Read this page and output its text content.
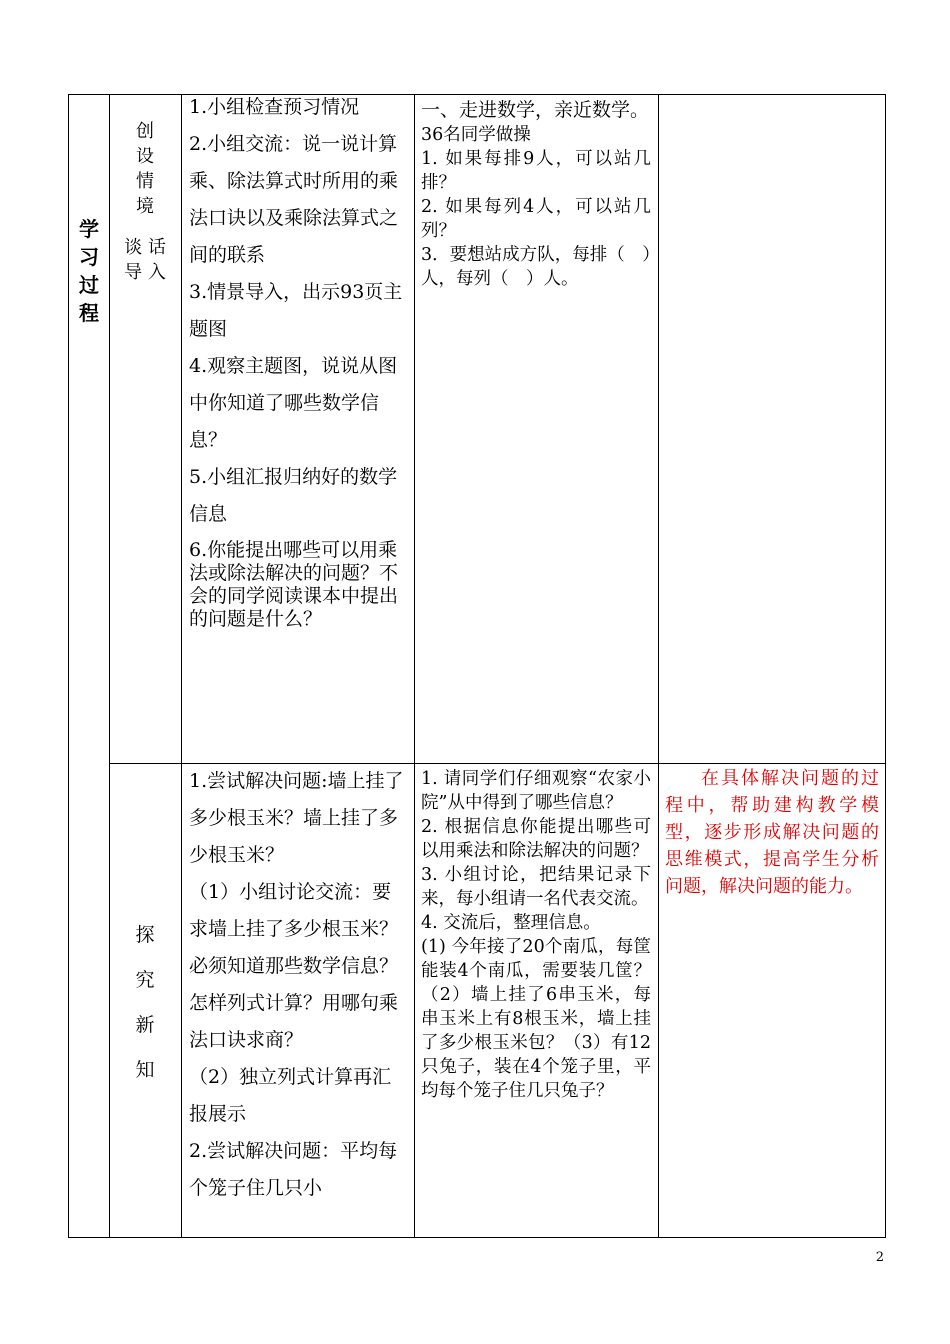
学
习
过
程
创
设
情
境
谈 话
导 入

1.小组检查预习情况

2.小组交流：说一说计算乘、除法算式时所用的乘法口诀以及乘除法算式之间的联系

3.情景导入，出示93页主题图

4.观察主题图，说说从图中你知道了哪些数学信息？

5.小组汇报归纳好的数学信息

6.你能提出哪些可以用乘法或除法解决的问题？不会的同学阅读课本中提出的问题是什么？

一、走进数学，亲近数学。

36名同学做操

1. 如果每排9人，可以站几排？

2. 如果每列4人，可以站几列？

3．要想站成方队，每排（　）人，每列（　）人。

探
究
新
知

1.尝试解决问题:墙上挂了多少根玉米？墙上挂了多少根玉米？

（1）小组讨论交流：要求墙上挂了多少根玉米？必须知道那些数学信息？怎样列式计算？用哪句乘法口诀求商？

（2）独立列式计算再汇报展示

2.尝试解决问题：平均每个笼子住几只小

1. 请同学们仔细观察“农家小院”从中得到了哪些信息？

2. 根据信息你能提出哪些可以用乘法和除法解决的问题？

3. 小组讨论，把结果记录下来，每小组请一名代表交流。

4. 交流后，整理信息。

(1) 今年接了20个南瓜，每筐能装4个南瓜，需要装几筐？（2）墙上挂了6串玉米，每串玉米上有8根玉米，墙上挂了多少根玉米包？（3）有12只兔子，装在4个笼子里，平均每个笼子住几只兔子？

在具体解决问题的过程中，帮助建构教学模型，逐步形成解决问题的思维模式，提高学生分析问题，解决问题的能力。
2
